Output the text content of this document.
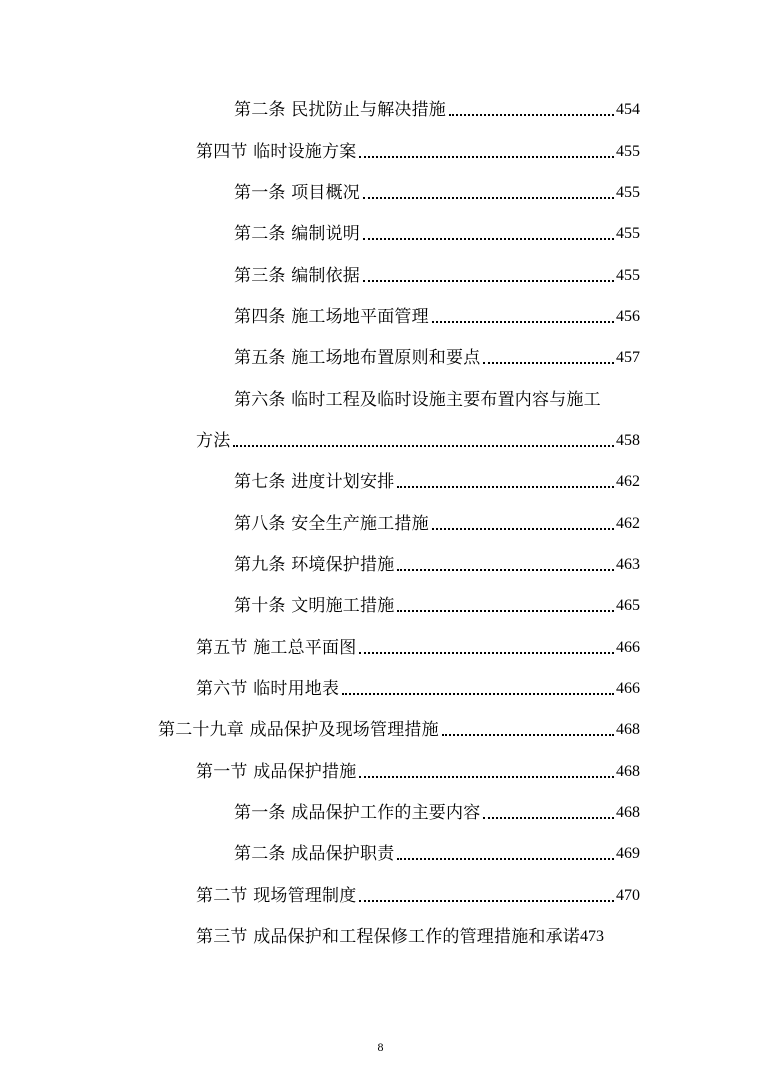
第二条 民扰防止与解决措施	454
第四节 临时设施方案	455
第一条 项目概况	455
第二条 编制说明	455
第三条 编制依据	455
第四条 施工场地平面管理	456
第五条 施工场地布置原则和要点	457
第六条 临时工程及临时设施主要布置内容与施工
方法	458
第七条 进度计划安排	462
第八条 安全生产施工措施	462
第九条 环境保护措施	463
第十条 文明施工措施	465
第五节 施工总平面图	466
第六节 临时用地表	466
第二十九章 成品保护及现场管理措施	468
第一节 成品保护措施	468
第一条 成品保护工作的主要内容	468
第二条 成品保护职责	469
第二节 现场管理制度	470
第三节 成品保护和工程保修工作的管理措施和承诺 473
8
